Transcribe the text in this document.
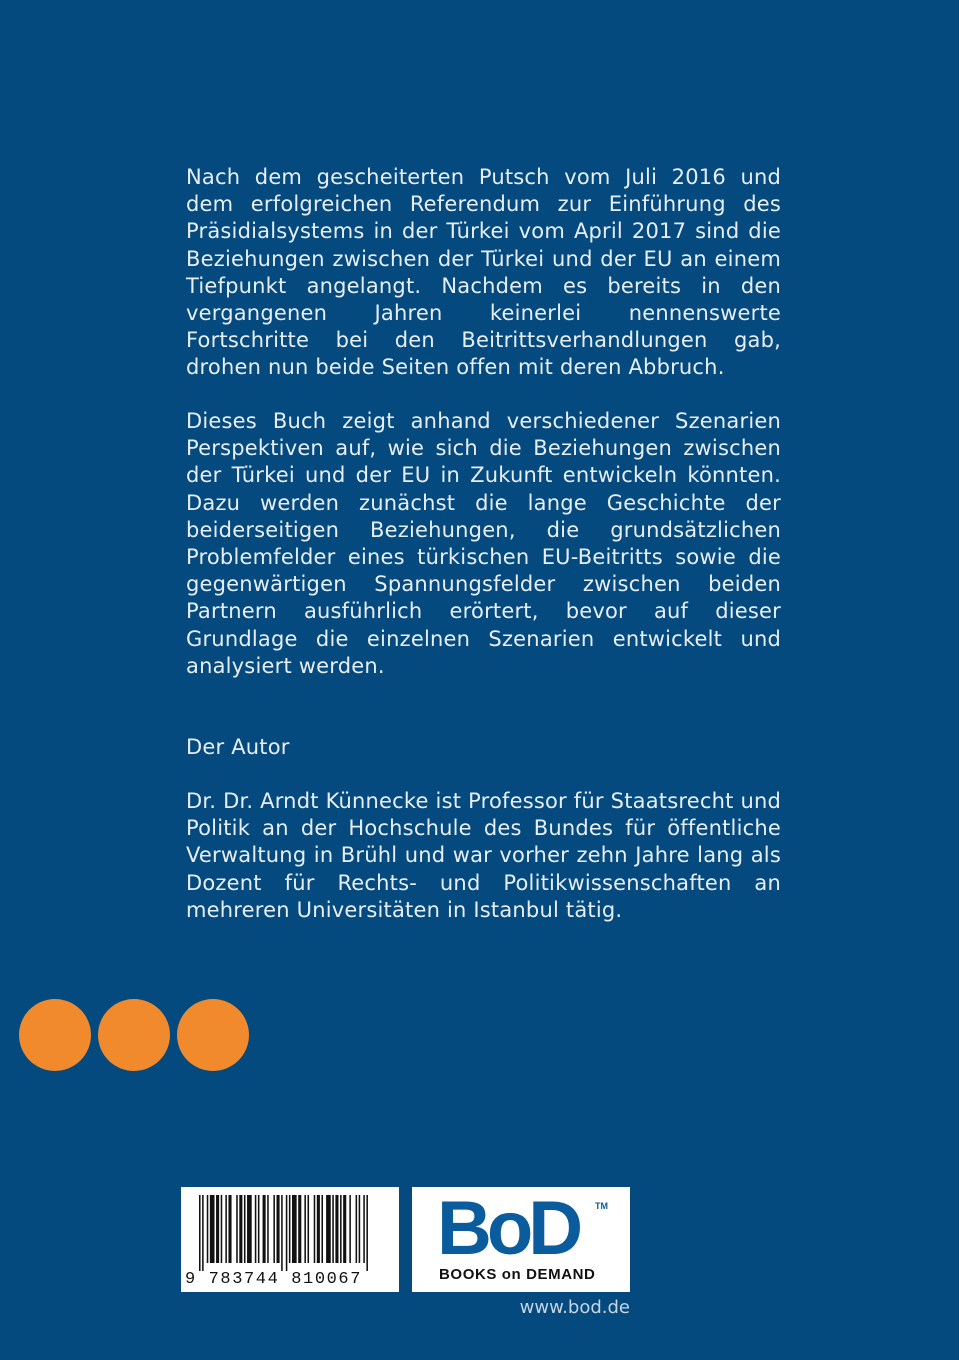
Nach dem gescheiterten Putsch vom Juli 2016 und dem erfolgreichen Referendum zur Einführung des Präsidialsystems in der Türkei vom April 2017 sind die Beziehungen zwischen der Türkei und der EU an einem Tiefpunkt angelangt. Nachdem es bereits in den vergangenen Jahren keinerlei nennenswerte Fortschritte bei den Beitrittsverhandlungen gab, drohen nun beide Seiten offen mit deren Abbruch.

Dieses Buch zeigt anhand verschiedener Szenarien Perspektiven auf, wie sich die Beziehungen zwischen der Türkei und der EU in Zukunft entwickeln könnten. Dazu werden zunächst die lange Geschichte der beiderseitigen Beziehungen, die grundsätzlichen Problemfelder eines türkischen EU-Beitritts sowie die gegenwärtigen Spannungsfelder zwischen beiden Partnern ausführlich erörtert, bevor auf dieser Grundlage die einzelnen Szenarien entwickelt und analysiert werden.

Der Autor

Dr. Dr. Arndt Künnecke ist Professor für Staatsrecht und Politik an der Hochschule des Bundes für öffentliche Verwaltung in Brühl und war vorher zehn Jahre lang als Dozent für Rechts- und Politikwissenschaften an mehreren Universitäten in Istanbul tätig.

9 783744 810067
BoD TM
BOOKS on DEMAND
www.bod.de
